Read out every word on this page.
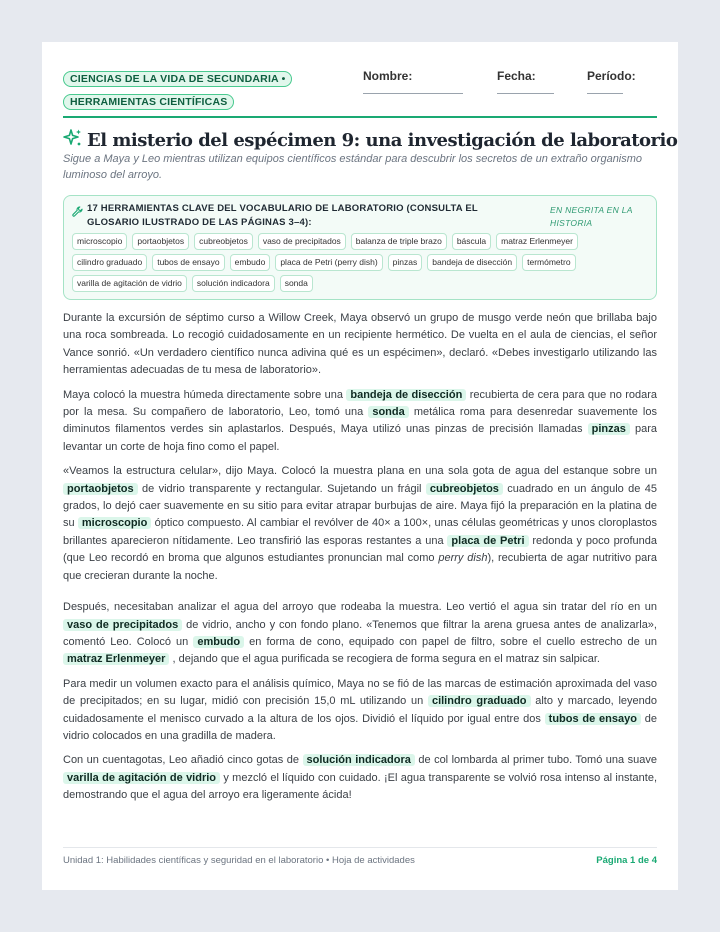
CIENCIAS DE LA VIDA DE SECUNDARIA • HERRAMIENTAS CIENTÍFICAS
Nombre:	Fecha:	Período:
El misterio del espécimen 9: una investigación de laboratorio
Sigue a Maya y Leo mientras utilizan equipos científicos estándar para descubrir los secretos de un extraño organismo luminoso del arroyo.
17 HERRAMIENTAS CLAVE DEL VOCABULARIO DE LABORATORIO (CONSULTA EL GLOSARIO ILUSTRADO DE LAS PÁGINAS 3–4):
EN NEGRITA EN LA HISTORIA
microscopio	portaobjetos	cubreobjetos	vaso de precipitados	balanza de triple brazo	báscula	matraz Erlenmeyer
cilindro graduado	tubos de ensayo	embudo	placa de Petri (perry dish)	pinzas	bandeja de disección	termómetro
varilla de agitación de vidrio	solución indicadora	sonda

Durante la excursión de séptimo curso a Willow Creek, Maya observó un grupo de musgo verde neón que brillaba bajo una roca sombreada. Lo recogió cuidadosamente en un recipiente hermético. De vuelta en el aula de ciencias, el señor Vance sonrió. «Un verdadero científico nunca adivina qué es un espécimen», declaró. «Debes investigarlo utilizando las herramientas adecuadas de tu mesa de laboratorio».

Maya colocó la muestra húmeda directamente sobre una bandeja de disección recubierta de cera para que no rodara por la mesa. Su compañero de laboratorio, Leo, tomó una sonda metálica roma para desenredar suavemente los diminutos filamentos verdes sin aplastarlos. Después, Maya utilizó unas pinzas de precisión llamadas pinzas para levantar un corte de hoja fino como el papel.

«Veamos la estructura celular», dijo Maya. Colocó la muestra plana en una sola gota de agua del estanque sobre un portaobjetos de vidrio transparente y rectangular. Sujetando un frágil cubreobjetos cuadrado en un ángulo de 45 grados, lo dejó caer suavemente en su sitio para evitar atrapar burbujas de aire. Maya fijó la preparación en la platina de su microscopio óptico compuesto. Al cambiar el revólver de 40× a 100×, unas células geométricas y unos cloroplastos brillantes aparecieron nítidamente. Leo transfirió las esporas restantes a una placa de Petri redonda y poco profunda (que Leo recordó en broma que algunos estudiantes pronuncian mal como perry dish), recubierta de agar nutritivo para que crecieran durante la noche.

Después, necesitaban analizar el agua del arroyo que rodeaba la muestra. Leo vertió el agua sin tratar del río en un vaso de precipitados de vidrio, ancho y con fondo plano. «Tenemos que filtrar la arena gruesa antes de analizarla», comentó Leo. Colocó un embudo en forma de cono, equipado con papel de filtro, sobre el cuello estrecho de un matraz Erlenmeyer , dejando que el agua purificada se recogiera de forma segura en el matraz sin salpicar.

Para medir un volumen exacto para el análisis químico, Maya no se fió de las marcas de estimación aproximada del vaso de precipitados; en su lugar, midió con precisión 15,0 mL utilizando un cilindro graduado alto y marcado, leyendo cuidadosamente el menisco curvado a la altura de los ojos. Dividió el líquido por igual entre dos tubos de ensayo de vidrio colocados en una gradilla de madera.

Con un cuentagotas, Leo añadió cinco gotas de solución indicadora de col lombarda al primer tubo. Tomó una suave varilla de agitación de vidrio y mezcló el líquido con cuidado. ¡El agua transparente se volvió rosa intenso al instante, demostrando que el agua del arroyo era ligeramente ácida!

Unidad 1: Habilidades científicas y seguridad en el laboratorio • Hoja de actividades	Página 1 de 4
